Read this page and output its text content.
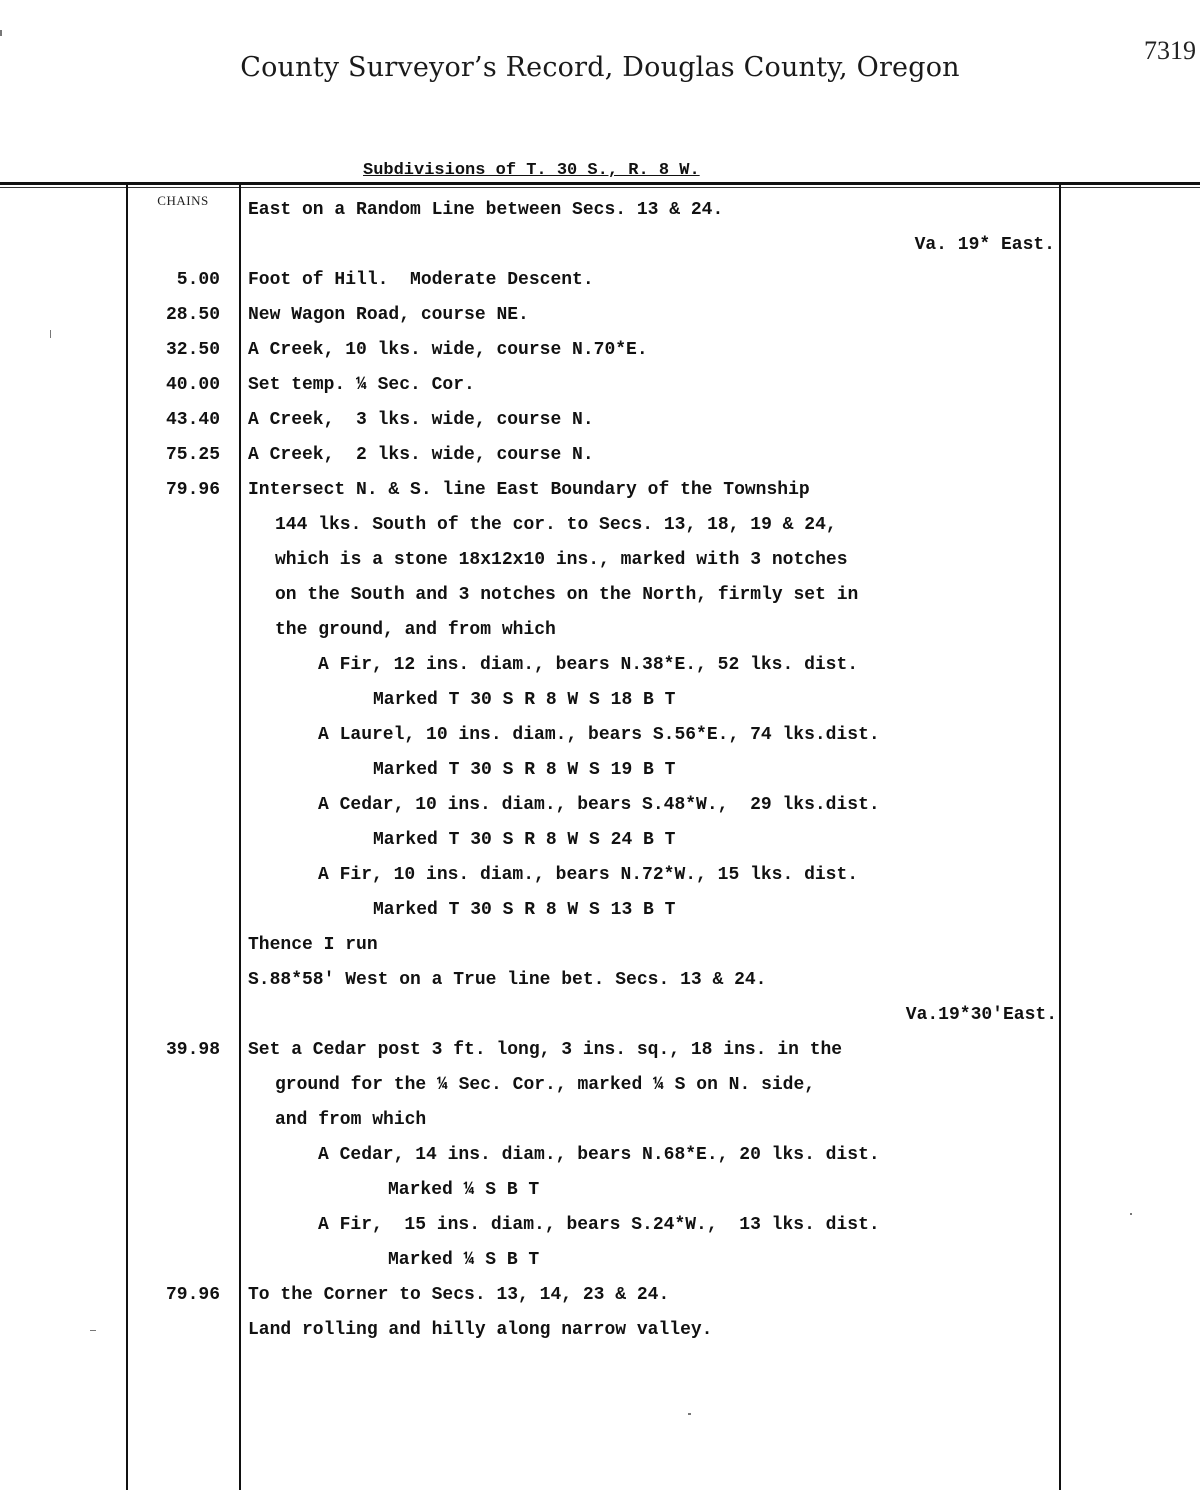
County Surveyor’s Record, Douglas County, Oregon
7319
Subdivisions of T. 30 S., R. 8 W.
CHAINS	East on a Random Line between Secs. 13 & 24.
Va. 19* East.
5.00 Foot of Hill.  Moderate Descent.
28.50 New Wagon Road, course NE.
32.50 A Creek, 10 lks. wide, course N.70*E.
40.00 Set temp. ¼ Sec. Cor.
43.40 A Creek,  3 lks. wide, course N.
75.25 A Creek,  2 lks. wide, course N.
79.96 Intersect N. & S. line East Boundary of the Township
144 lks. South of the cor. to Secs. 13, 18, 19 & 24,
which is a stone 18x12x10 ins., marked with 3 notches
on the South and 3 notches on the North, firmly set in
the ground, and from which
A Fir, 12 ins. diam., bears N.38*E., 52 lks. dist.
Marked T 30 S R 8 W S 18 B T
A Laurel, 10 ins. diam., bears S.56*E., 74 lks.dist.
Marked T 30 S R 8 W S 19 B T
A Cedar, 10 ins. diam., bears S.48*W.,  29 lks.dist.
Marked T 30 S R 8 W S 24 B T
A Fir, 10 ins. diam., bears N.72*W., 15 lks. dist.
Marked T 30 S R 8 W S 13 B T
Thence I run
S.88*58' West on a True line bet. Secs. 13 & 24.
Va.19*30'East.
39.98 Set a Cedar post 3 ft. long, 3 ins. sq., 18 ins. in the
ground for the ¼ Sec. Cor., marked ¼ S on N. side,
and from which
A Cedar, 14 ins. diam., bears N.68*E., 20 lks. dist.
Marked ¼ S B T
A Fir,  15 ins. diam., bears S.24*W.,  13 lks. dist.
Marked ¼ S B T
79.96 To the Corner to Secs. 13, 14, 23 & 24.
Land rolling and hilly along narrow valley.
